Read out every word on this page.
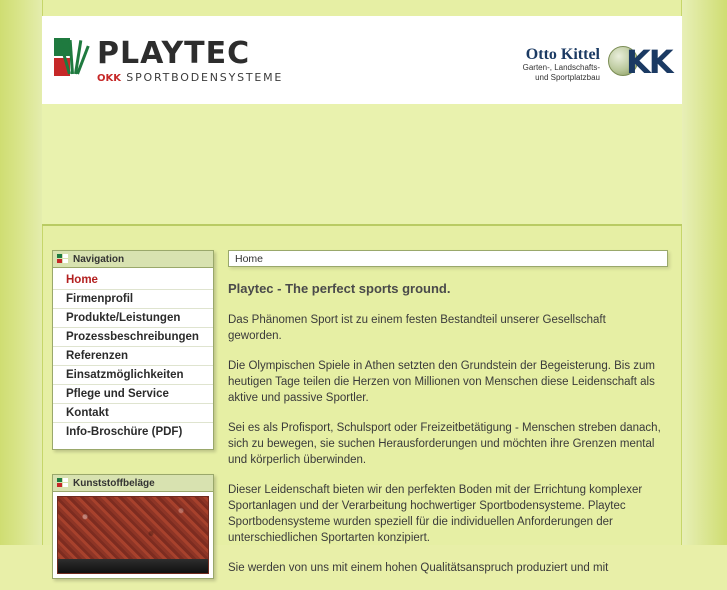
PLAYTEC
OKK SPORTBODENSYSTEME
Otto Kittel
Garten-, Landschafts-
und Sportplatzbau KK
Navigation
Home
Firmenprofil
Produkte/Leistungen
Prozessbeschreibungen
Referenzen
Einsatzmöglichkeiten
Pflege und Service
Kontakt
Info-Broschüre (PDF)
Kunststoffbeläge
Home
Playtec - The perfect sports ground.

Das Phänomen Sport ist zu einem festen Bestandteil unserer Gesellschaft geworden.

Die Olympischen Spiele in Athen setzten den Grundstein der Begeisterung. Bis zum heutigen Tage teilen die Herzen von Millionen von Menschen diese Leidenschaft als aktive und passive Sportler.

Sei es als Profisport, Schulsport oder Freizeitbetätigung - Menschen streben danach, sich zu bewegen, sie suchen Herausforderungen und möchten ihre Grenzen mental und körperlich überwinden.

Dieser Leidenschaft bieten wir den perfekten Boden mit der Errichtung komplexer Sportanlagen und der Verarbeitung hochwertiger Sportbodensysteme. Playtec Sportbodensysteme wurden speziell für die individuellen Anforderungen der unterschiedlichen Sportarten konzipiert.

Sie werden von uns mit einem hohen Qualitätsanspruch produziert und mit
